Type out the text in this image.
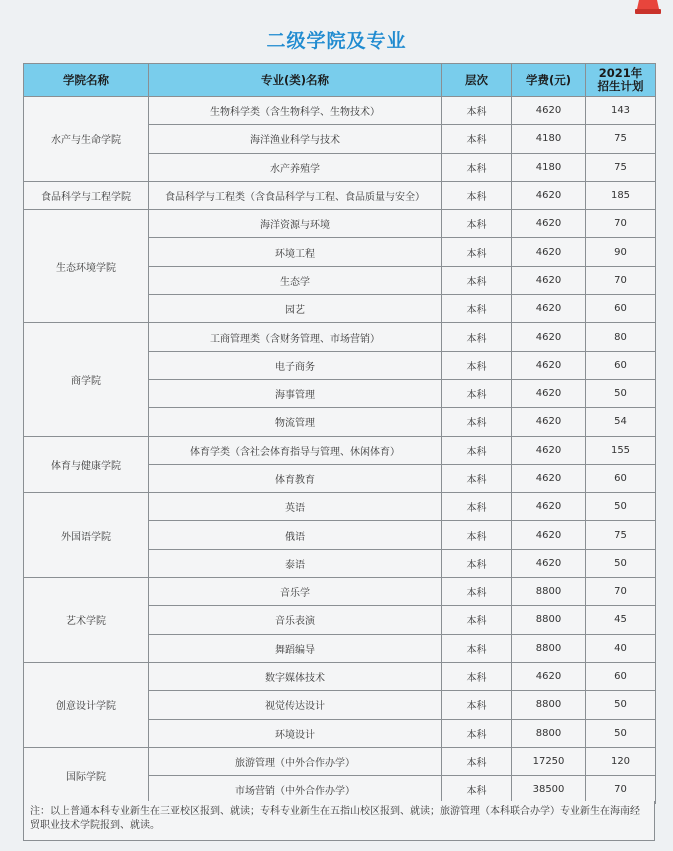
二级学院及专业
学院名称	专业(类)名称	层次	学费(元)	2021年
招生计划

水产与生命学院	生物科学类（含生物科学、生物技术）	本科	4620	143
	海洋渔业科学与技术	本科	4180	75
	水产养殖学	本科	4180	75
食品科学与工程学院	食品科学与工程类（含食品科学与工程、食品质量与安全）	本科	4620	185
生态环境学院	海洋资源与环境	本科	4620	70
	环境工程	本科	4620	90
	生态学	本科	4620	70
	园艺	本科	4620	60
商学院	工商管理类（含财务管理、市场营销）	本科	4620	80
	电子商务	本科	4620	60
	海事管理	本科	4620	50
	物流管理	本科	4620	54
体育与健康学院	体育学类（含社会体育指导与管理、休闲体育）	本科	4620	155
	体育教育	本科	4620	60
外国语学院	英语	本科	4620	50
	俄语	本科	4620	75
	泰语	本科	4620	50
艺术学院	音乐学	本科	8800	70
	音乐表演	本科	8800	45
	舞蹈编导	本科	8800	40
创意设计学院	数字媒体技术	本科	4620	60
	视觉传达设计	本科	8800	50
	环境设计	本科	8800	50
国际学院	旅游管理（中外合作办学）	本科	17250	120
	市场营销（中外合作办学）	本科	38500	70
注：以上普通本科专业新生在三亚校区报到、就读；专科专业新生在五指山校区报到、就读；旅游管理（本科联合办学）专业新生在海南经贸职业技术学院报到、就读。
